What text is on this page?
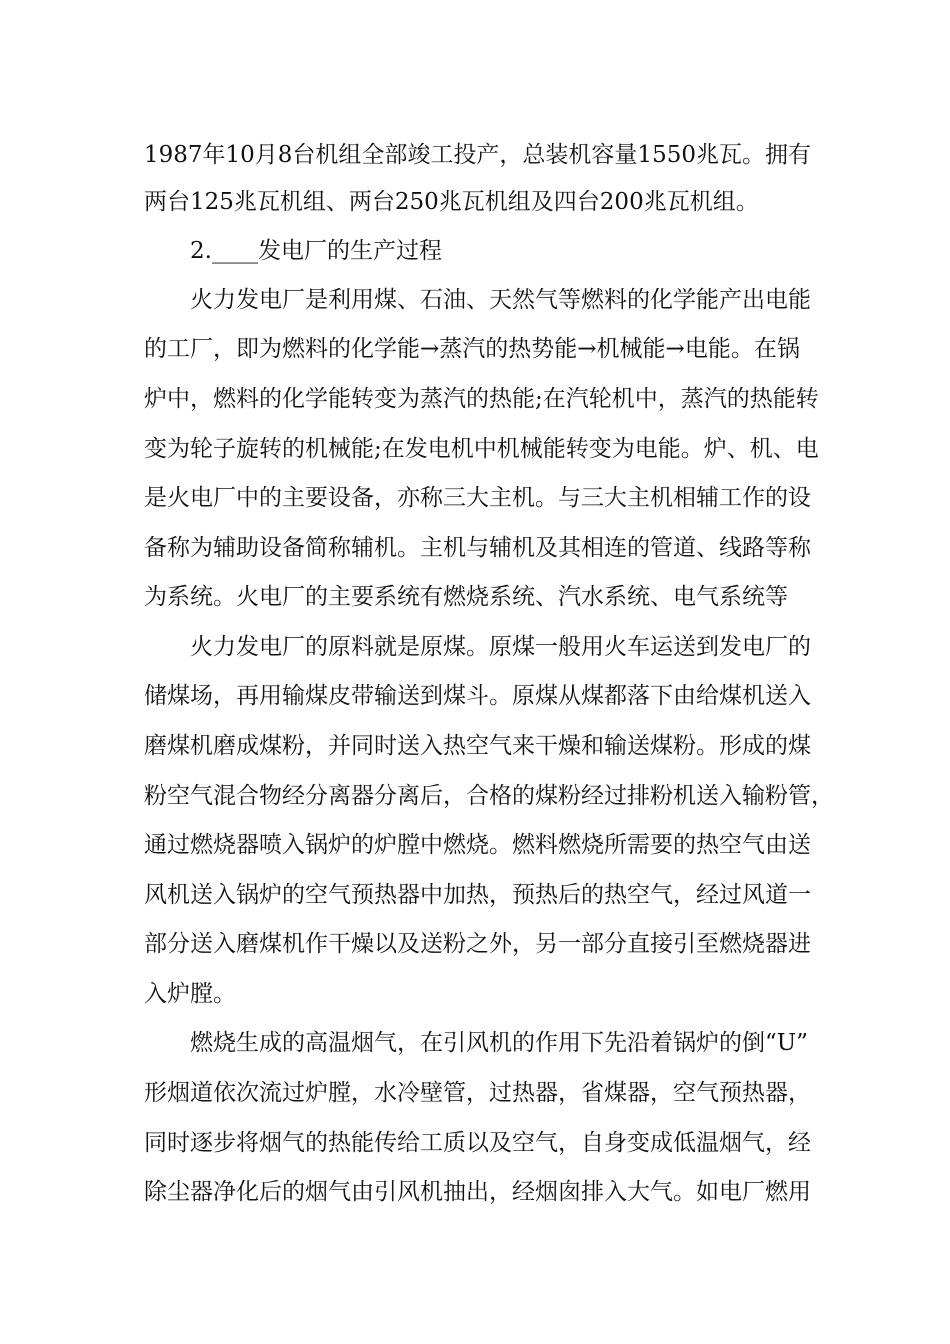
1987年10月8台机组全部竣工投产，总装机容量1550兆瓦。拥有

两台125兆瓦机组、两台250兆瓦机组及四台200兆瓦机组。

2.____发电厂的生产过程

火力发电厂是利用煤、石油、天然气等燃料的化学能产出电能

的工厂，即为燃料的化学能→蒸汽的热势能→机械能→电能。在锅

炉中，燃料的化学能转变为蒸汽的热能;在汽轮机中，蒸汽的热能转

变为轮子旋转的机械能;在发电机中机械能转变为电能。炉、机、电

是火电厂中的主要设备，亦称三大主机。与三大主机相辅工作的设

备称为辅助设备简称辅机。主机与辅机及其相连的管道、线路等称

为系统。火电厂的主要系统有燃烧系统、汽水系统、电气系统等

火力发电厂的原料就是原煤。原煤一般用火车运送到发电厂的

储煤场，再用输煤皮带输送到煤斗。原煤从煤都落下由给煤机送入

磨煤机磨成煤粉，并同时送入热空气来干燥和输送煤粉。形成的煤

粉空气混合物经分离器分离后，合格的煤粉经过排粉机送入输粉管，

通过燃烧器喷入锅炉的炉膛中燃烧。燃料燃烧所需要的热空气由送

风机送入锅炉的空气预热器中加热，预热后的热空气，经过风道一

部分送入磨煤机作干燥以及送粉之外，另一部分直接引至燃烧器进

入炉膛。

燃烧生成的高温烟气，在引风机的作用下先沿着锅炉的倒“U”

形烟道依次流过炉膛，水冷壁管，过热器，省煤器，空气预热器，

同时逐步将烟气的热能传给工质以及空气，自身变成低温烟气，经

除尘器净化后的烟气由引风机抽出，经烟囱排入大气。如电厂燃用
